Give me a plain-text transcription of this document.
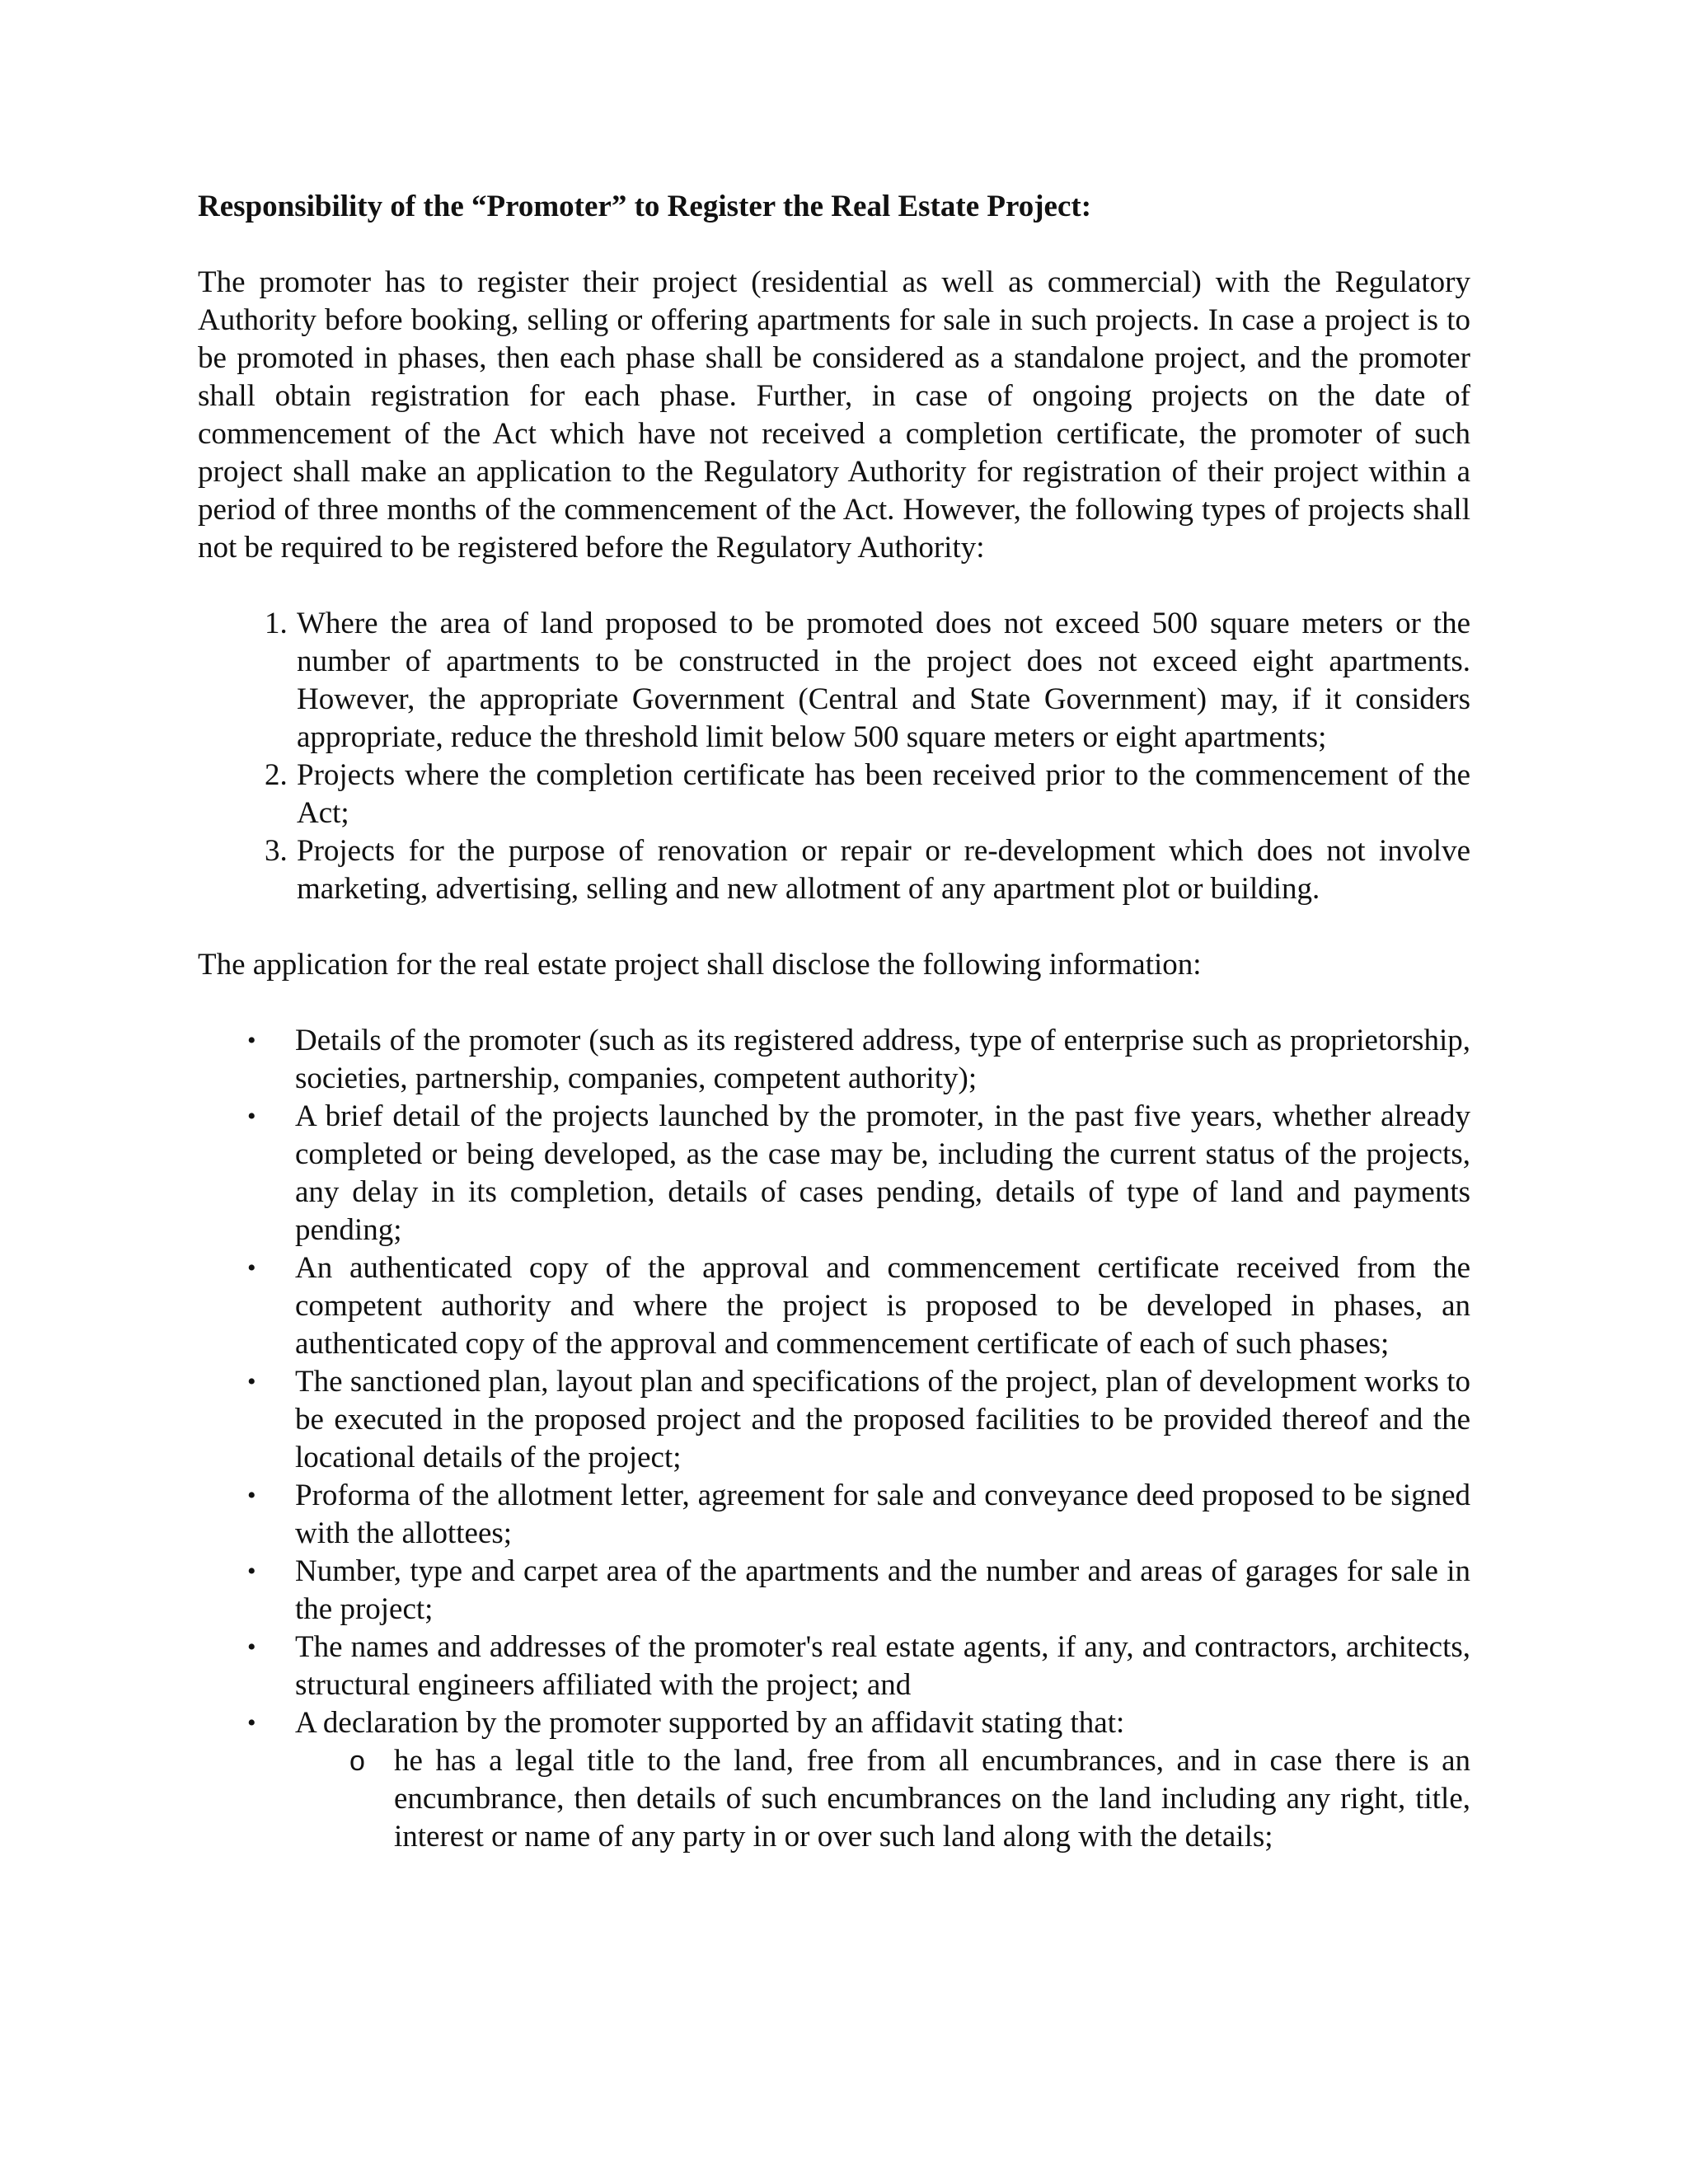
Responsibility of the “Promoter” to Register the Real Estate Project:

The promoter has to register their project (residential as well as commercial) with the Regulatory Authority before booking, selling or offering apartments for sale in such projects. In case a project is to be promoted in phases, then each phase shall be considered as a standalone project, and the promoter shall obtain registration for each phase. Further, in case of ongoing projects on the date of commencement of the Act which have not received a completion certificate, the promoter of such project shall make an application to the Regulatory Authority for registration of their project within a period of three months of the commencement of the Act. However, the following types of projects shall not be required to be registered before the Regulatory Authority:

1. Where the area of land proposed to be promoted does not exceed 500 square meters or the number of apartments to be constructed in the project does not exceed eight apartments. However, the appropriate Government (Central and State Government) may, if it considers appropriate, reduce the threshold limit below 500 square meters or eight apartments;
2. Projects where the completion certificate has been received prior to the commencement of the Act;
3. Projects for the purpose of renovation or repair or re-development which does not involve marketing, advertising, selling and new allotment of any apartment plot or building.

The application for the real estate project shall disclose the following information:

• Details of the promoter (such as its registered address, type of enterprise such as proprietorship, societies, partnership, companies, competent authority);
• A brief detail of the projects launched by the promoter, in the past five years, whether already completed or being developed, as the case may be, including the current status of the projects, any delay in its completion, details of cases pending, details of type of land and payments pending;
• An authenticated copy of the approval and commencement certificate received from the competent authority and where the project is proposed to be developed in phases, an authenticated copy of the approval and commencement certificate of each of such phases;
• The sanctioned plan, layout plan and specifications of the project, plan of development works to be executed in the proposed project and the proposed facilities to be provided thereof and the locational details of the project;
• Proforma of the allotment letter, agreement for sale and conveyance deed proposed to be signed with the allottees;
• Number, type and carpet area of the apartments and the number and areas of garages for sale in the project;
• The names and addresses of the promoter's real estate agents, if any, and contractors, architects, structural engineers affiliated with the project; and
• A declaration by the promoter supported by an affidavit stating that:
o he has a legal title to the land, free from all encumbrances, and in case there is an encumbrance, then details of such encumbrances on the land including any right, title, interest or name of any party in or over such land along with the details;
